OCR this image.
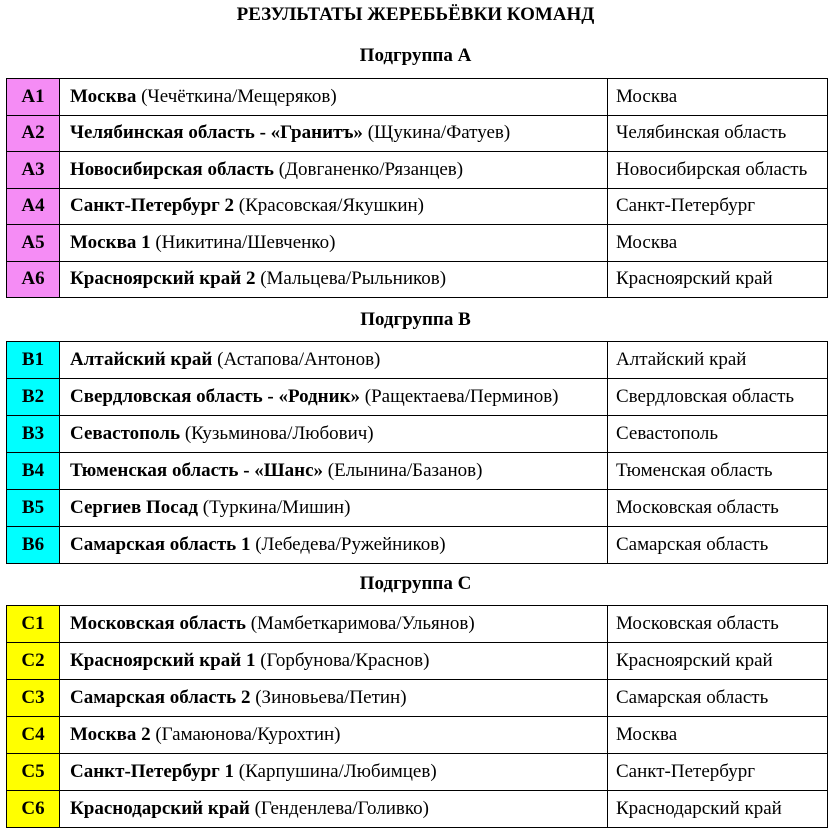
РЕЗУЛЬТАТЫ ЖЕРЕБЬЁВКИ КОМАНД
Подгруппа А
A1	Москва (Чечёткина/Мещеряков)	Москва
A2	Челябинская область - «Гранитъ» (Щукина/Фатуев)	Челябинская область
A3	Новосибирская область (Довганенко/Рязанцев)	Новосибирская область
A4	Санкт-Петербург 2 (Красовская/Якушкин)	Санкт-Петербург
A5	Москва 1 (Никитина/Шевченко)	Москва
A6	Красноярский край 2 (Мальцева/Рыльников)	Красноярский край
Подгруппа В
B1	Алтайский край (Астапова/Антонов)	Алтайский край
B2	Свердловская область - «Родник» (Ращектаева/Перминов)	Свердловская область
B3	Севастополь (Кузьминова/Любович)	Севастополь
B4	Тюменская область - «Шанс» (Елынина/Базанов)	Тюменская область
B5	Сергиев Посад (Туркина/Мишин)	Московская область
B6	Самарская область 1 (Лебедева/Ружейников)	Самарская область
Подгруппа С
C1	Московская область (Мамбеткаримова/Ульянов)	Московская область
C2	Красноярский край 1 (Горбунова/Краснов)	Красноярский край
C3	Самарская область 2 (Зиновьева/Петин)	Самарская область
C4	Москва 2 (Гамаюнова/Курохтин)	Москва
C5	Санкт-Петербург 1 (Карпушина/Любимцев)	Санкт-Петербург
C6	Краснодарский край (Генденлева/Голивко)	Краснодарский край
